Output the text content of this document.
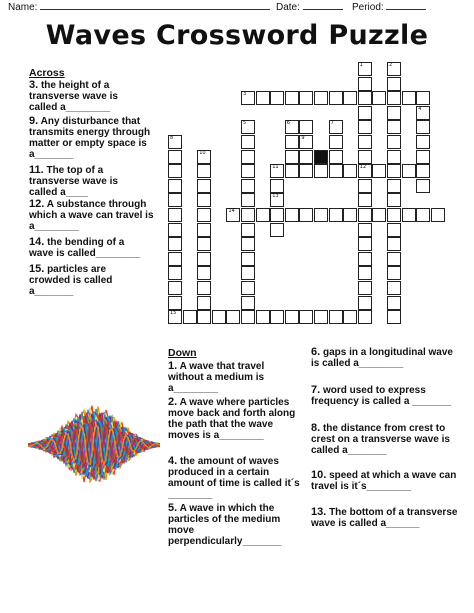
Name:	Date:	Period:
Waves Crossword Puzzle
Across
3. the height of a transverse wave is called a________
9. Any disturbance that transmits energy through matter or empty space is a_______
11. The top of a transverse wave is called a____
12. A substance through which a wave can travel is a________
14. the bending of a wave is called________
15. particles are crowded is called a_______
1
12
2
3
4
5	6
9
7
8
15
10
11
13
14
Down
1. A wave that travel without a medium is a________
2. A wave where particles move back and forth along the path that the wave moves is a________
4. the amount of waves produced in a certain amount of time is called it´s ________
5. A wave in which the particles of the medium move perpendicularly_______
6. gaps in a longitudinal wave is called a________
7. word used to express frequency is called a _______
8. the distance from crest to crest on a transverse wave is called a_______
10. speed at which a wave can travel is it´s________
13. The bottom of a transverse wave is called a______
